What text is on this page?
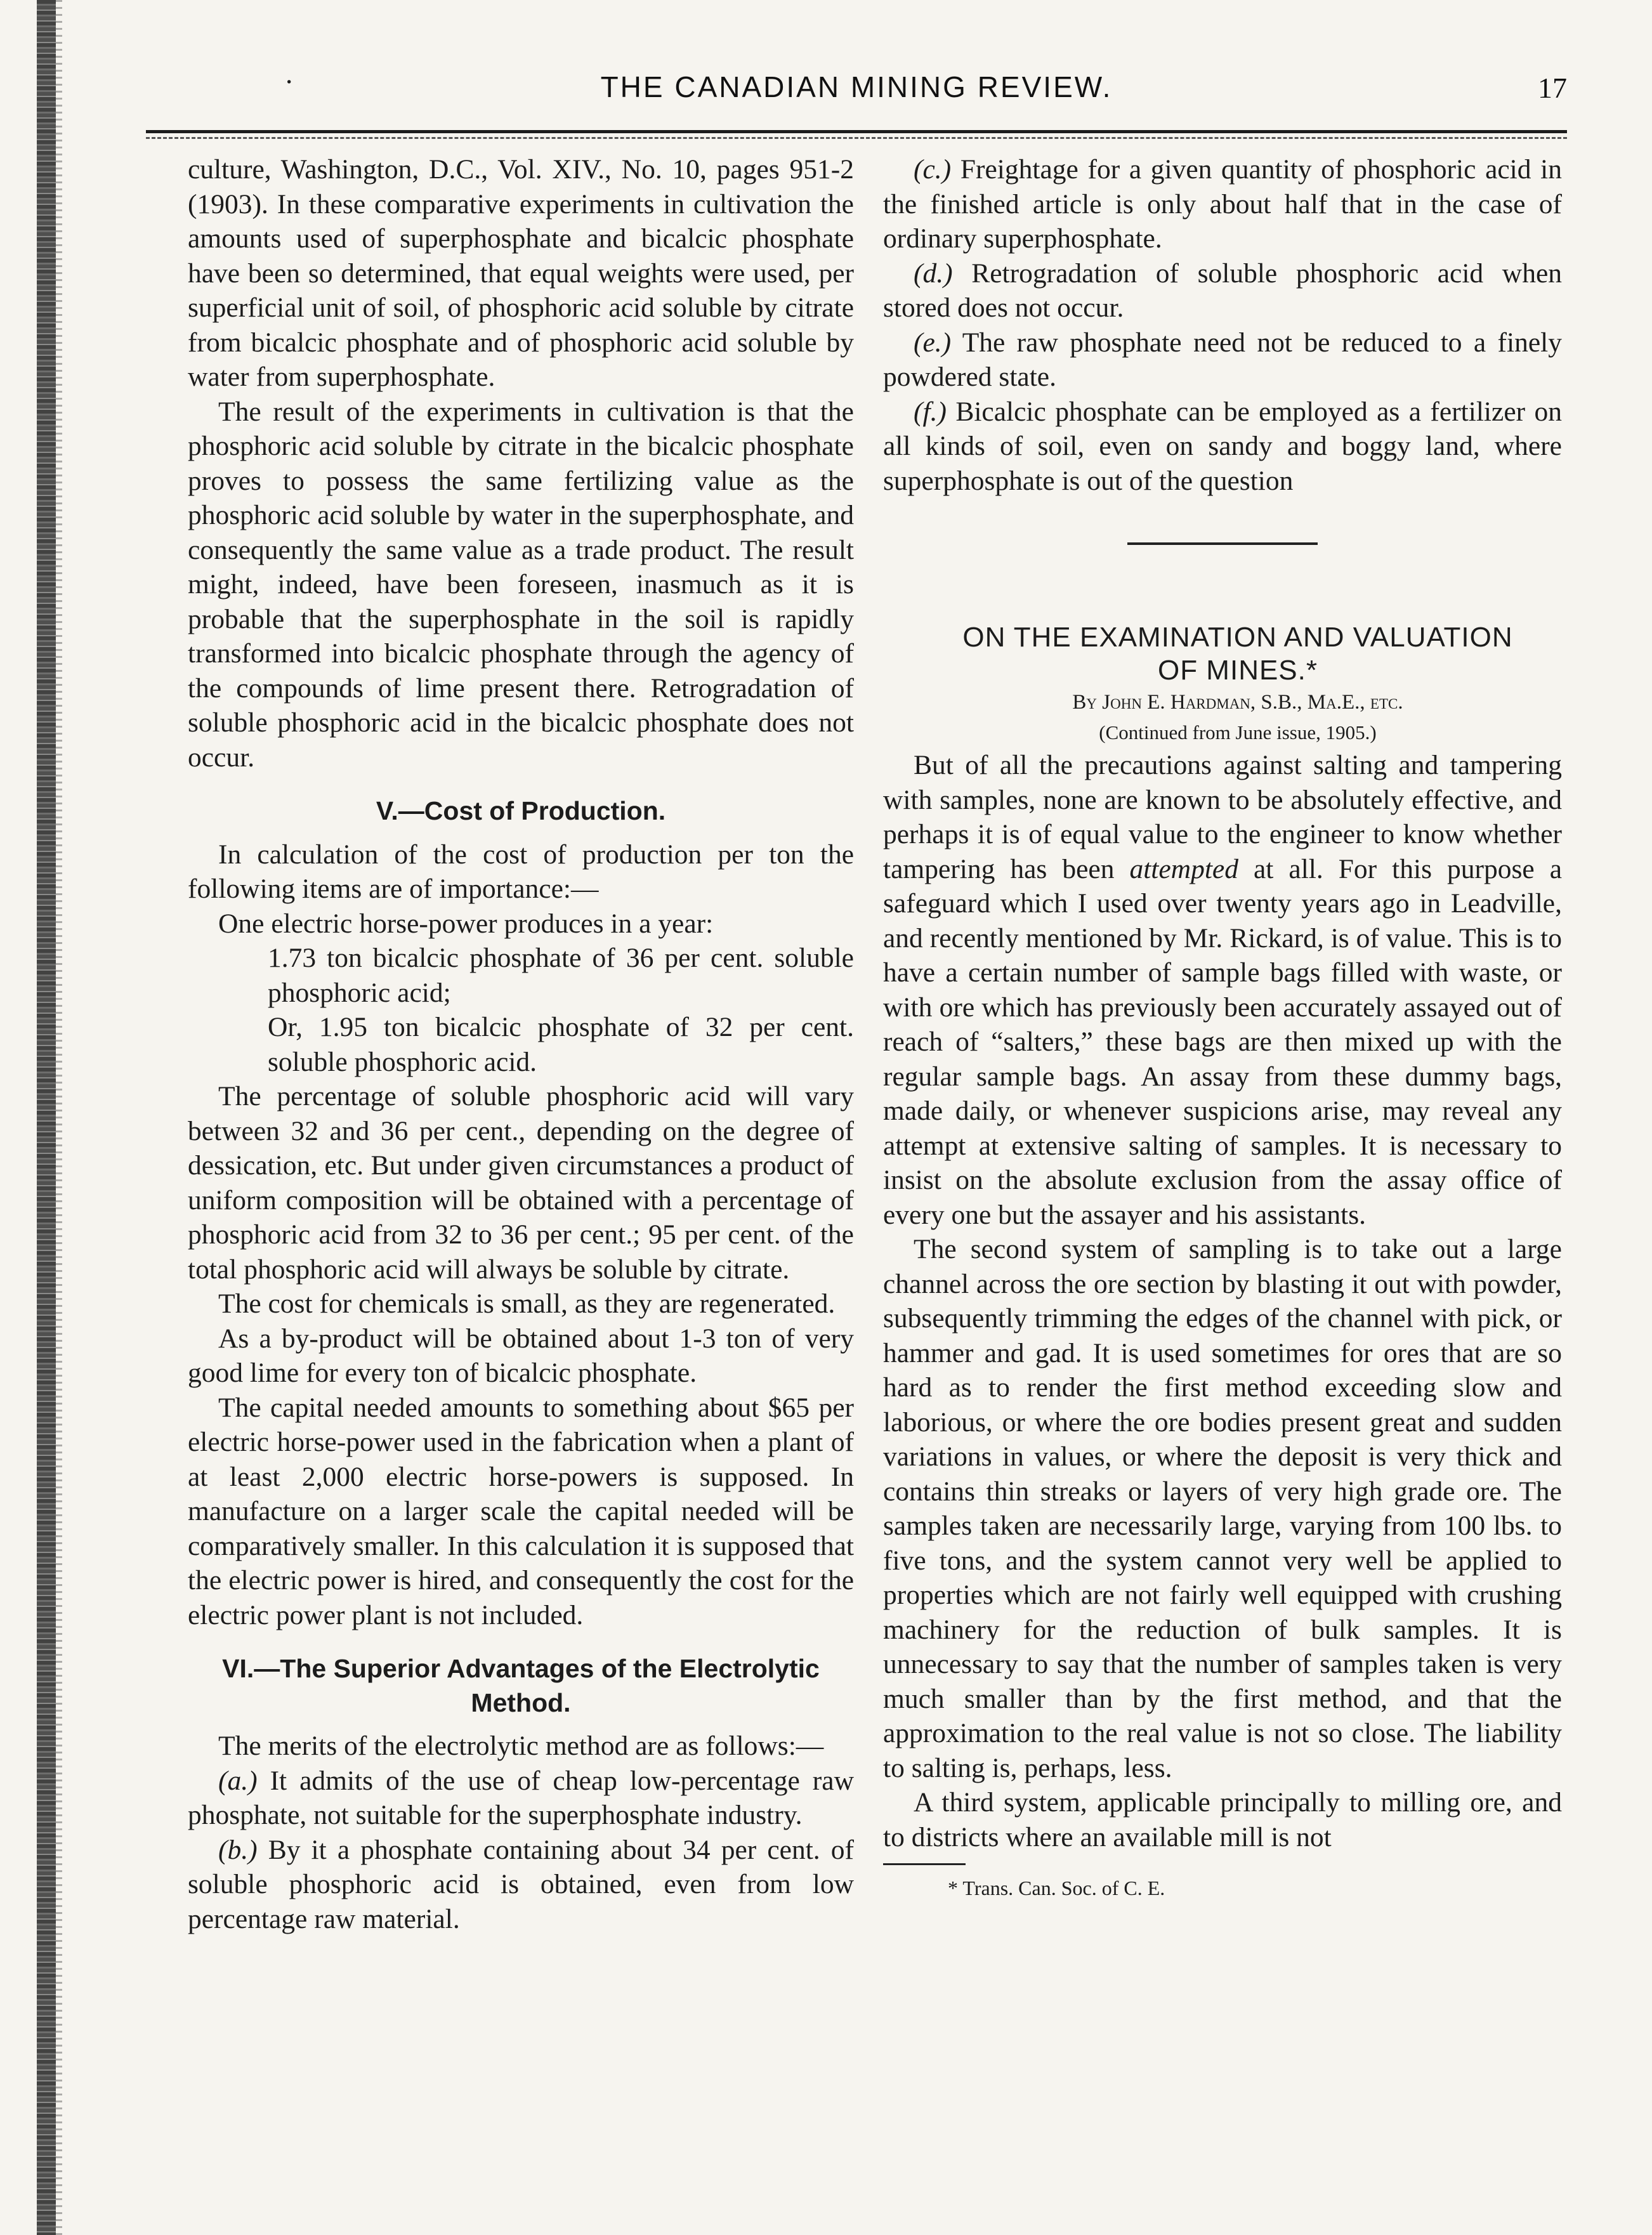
·	THE CANADIAN MINING REVIEW.	17

culture, Washington, D.C., Vol. XIV., No. 10, pages 951-2 (1903). In these comparative experiments in cultivation the amounts used of superphosphate and bicalcic phosphate have been so determined, that equal weights were used, per superficial unit of soil, of phosphoric acid soluble by citrate from bicalcic phosphate and of phosphoric acid soluble by water from superphosphate.

The result of the experiments in cultivation is that the phosphoric acid soluble by citrate in the bicalcic phosphate proves to possess the same fertilizing value as the phosphoric acid soluble by water in the superphosphate, and consequently the same value as a trade product. The result might, indeed, have been foreseen, inasmuch as it is probable that the superphosphate in the soil is rapidly transformed into bicalcic phosphate through the agency of the compounds of lime present there. Retrogradation of soluble phosphoric acid in the bicalcic phosphate does not occur.

V.—Cost of Production.

In calculation of the cost of production per ton the following items are of importance:—

One electric horse-power produces in a year:

1.73 ton bicalcic phosphate of 36 per cent. soluble phosphoric acid;

Or, 1.95 ton bicalcic phosphate of 32 per cent. soluble phosphoric acid.

The percentage of soluble phosphoric acid will vary between 32 and 36 per cent., depending on the degree of dessication, etc. But under given circumstances a product of uniform composition will be obtained with a percentage of phosphoric acid from 32 to 36 per cent.; 95 per cent. of the total phosphoric acid will always be soluble by citrate.

The cost for chemicals is small, as they are regenerated.

As a by-product will be obtained about 1-3 ton of very good lime for every ton of bicalcic phosphate.

The capital needed amounts to something about $65 per electric horse-power used in the fabrication when a plant of at least 2,000 electric horse-powers is supposed. In manufacture on a larger scale the capital needed will be comparatively smaller. In this calculation it is supposed that the electric power is hired, and consequently the cost for the electric power plant is not included.

VI.—The Superior Advantages of the Electrolytic Method.

The merits of the electrolytic method are as follows:—

(a.) It admits of the use of cheap low-percentage raw phosphate, not suitable for the superphosphate industry.

(b.) By it a phosphate containing about 34 per cent. of soluble phosphoric acid is obtained, even from low percentage raw material.

(c.) Freightage for a given quantity of phosphoric acid in the finished article is only about half that in the case of ordinary superphosphate.

(d.) Retrogradation of soluble phosphoric acid when stored does not occur.

(e.) The raw phosphate need not be reduced to a finely powdered state.

(f.) Bicalcic phosphate can be employed as a fertilizer on all kinds of soil, even on sandy and boggy land, where superphosphate is out of the question

ON THE EXAMINATION AND VALUATION

OF MINES.*

By John E. Hardman, S.B., Ma.E., etc.

(Continued from June issue, 1905.)

But of all the precautions against salting and tampering with samples, none are known to be absolutely effective, and perhaps it is of equal value to the engineer to know whether tampering has been attempted at all. For this purpose a safeguard which I used over twenty years ago in Leadville, and recently mentioned by Mr. Rickard, is of value. This is to have a certain number of sample bags filled with waste, or with ore which has previously been accurately assayed out of reach of “salters,” these bags are then mixed up with the regular sample bags. An assay from these dummy bags, made daily, or whenever suspicions arise, may reveal any attempt at extensive salting of samples. It is necessary to insist on the absolute exclusion from the assay office of every one but the assayer and his assistants.

The second system of sampling is to take out a large channel across the ore section by blasting it out with powder, subsequently trimming the edges of the channel with pick, or hammer and gad. It is used sometimes for ores that are so hard as to render the first method exceeding slow and laborious, or where the ore bodies present great and sudden variations in values, or where the deposit is very thick and contains thin streaks or layers of very high grade ore. The samples taken are necessarily large, varying from 100 lbs. to five tons, and the system cannot very well be applied to properties which are not fairly well equipped with crushing machinery for the reduction of bulk samples. It is unnecessary to say that the number of samples taken is very much smaller than by the first method, and that the approximation to the real value is not so close. The liability to salting is, perhaps, less.

A third system, applicable principally to milling ore, and to districts where an available mill is not

* Trans. Can. Soc. of C. E.
